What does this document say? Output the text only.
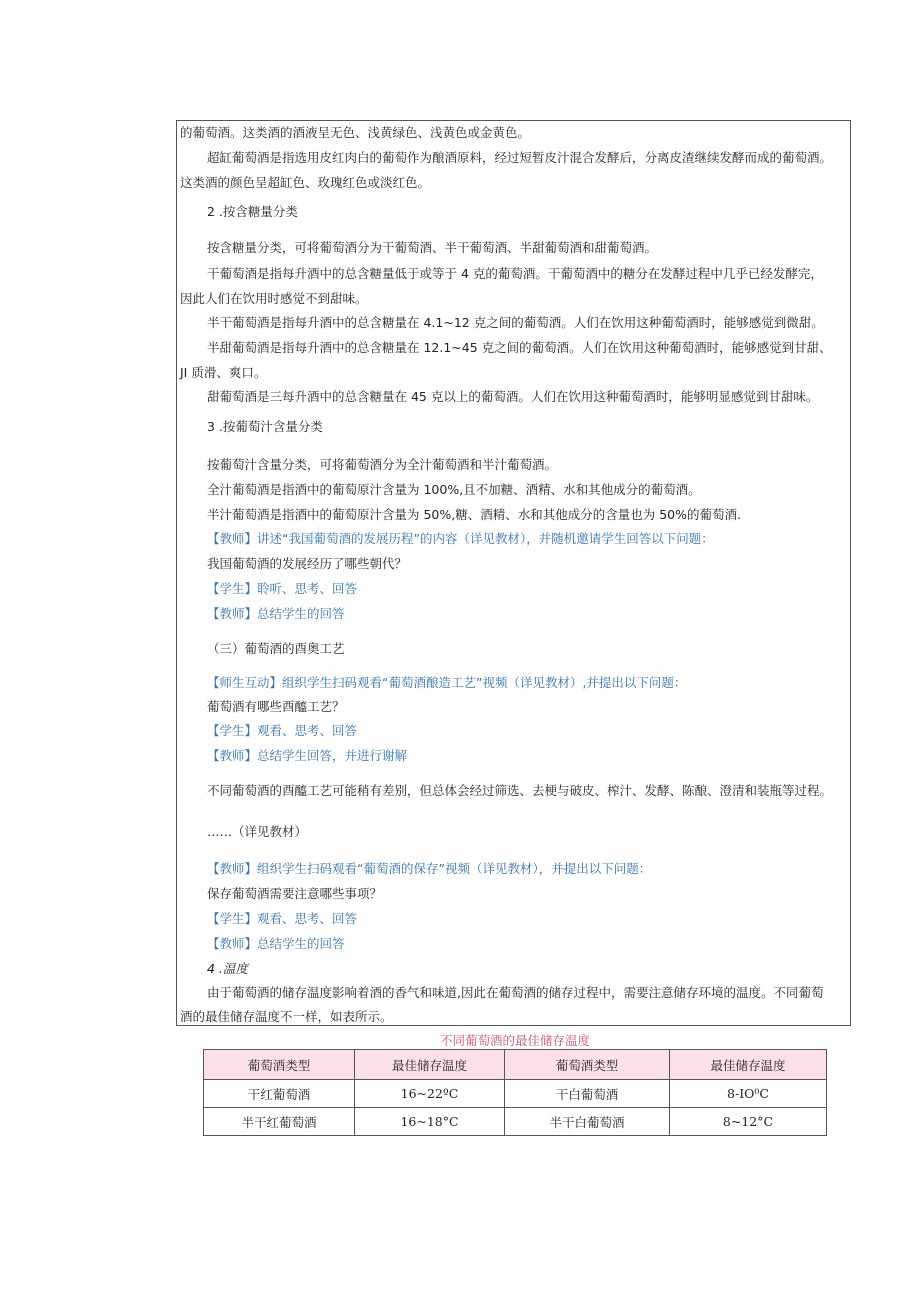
的葡萄酒。这类酒的酒液呈无色、浅黄绿色、浅黄色或金黄色。
超缸葡萄酒是指选用皮红肉白的葡萄作为酿酒原料，经过短暂皮汁混合发酵后，分离皮渣继续发酵而成的葡萄酒。
这类酒的颜色呈超缸色、玫瑰红色或淡红色。
2 .按含糖量分类
按含糖量分类，可将葡萄酒分为干葡萄酒、半干葡萄酒、半甜葡萄酒和甜葡萄酒。
干葡萄酒是指每升酒中的总含糖量低于或等于 4 克的葡萄酒。干葡萄酒中的糖分在发酵过程中几乎已经发酵完，
因此人们在饮用时感觉不到甜味。
半干葡萄酒是指每升酒中的总含糖量在 4.1~12 克之间的葡萄酒。人们在饮用这种葡萄酒时，能够感觉到微甜。
半甜葡萄酒是指每升酒中的总含糖量在 12.1~45 克之间的葡萄酒。人们在饮用这种葡萄酒时，能够感觉到甘甜、
JI 质滑、爽口。
甜葡萄酒是三每升酒中的总含糖量在 45 克以上的葡萄酒。人们在饮用这种葡萄酒时，能够明显感觉到甘甜味。
3 .按葡萄汁含量分类
按葡萄汁含量分类，可将葡萄酒分为全汁葡萄酒和半汁葡萄酒。
全汁葡萄酒是指酒中的葡萄原汁含量为 100%,且不加糖、酒精、水和其他成分的葡萄酒。
半汁葡萄酒是指酒中的葡萄原汁含量为 50%,糖、酒精、水和其他成分的含量也为 50%的葡萄酒.
【教师】讲述“我国葡萄酒的发展历程”的内容（详见教材），并随机邀请学生回答以下问题：
我国葡萄酒的发展经历了哪些朝代？
【学生】聆听、思考、回答
【教师】总结学生的回答
（三）葡萄酒的酉奥工艺
【师生互动】组织学生扫码观看“葡萄酒酿造工艺”视频（详见教材）,并提出以下问题：
葡萄酒有哪些酉醯工艺？
【学生】观看、思考、回答
【教师】总结学生回答，并进行谢解
不同葡萄酒的酉醯工艺可能稍有差别，但总体会经过筛选、去梗与破皮、榨汁、发酵、陈酿、澄清和装瓶等过程。
……（详见教材）
【教师】组织学生扫码观看“葡萄酒的保存”视频（详见教材），并提出以下问题：
保存葡萄酒需要注意哪些事项？
【学生】观看、思考、回答
【教师】总结学生的回答
4 .温度
由于葡萄酒的储存温度影响着酒的香气和味道,因此在葡萄酒的储存过程中，需要注意储存环境的温度。不同葡萄
酒的最佳储存温度不一样，如表所示。
不同葡萄酒的最佳储存温度
葡萄酒类型	最佳储存温度	葡萄酒类型	最佳储存温度
干红葡萄酒	16~22ºC	干白葡萄酒	8-IO⁰C
半干红葡萄酒	16~18°C	半干白葡萄酒	8~12°C
